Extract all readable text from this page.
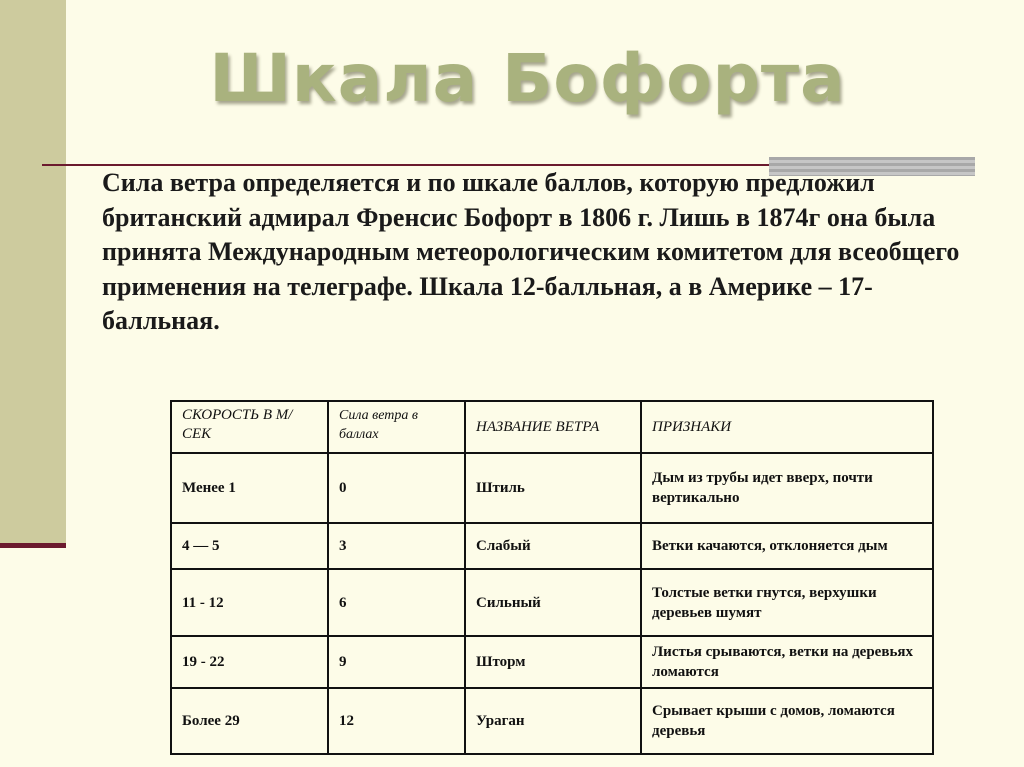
Шкала Бофорта

Сила ветра определяется и по шкале баллов, которую предложил британский адмирал Френсис Бофорт в 1806 г. Лишь в 1874г она была принята Международным метеорологическим комитетом для всеобщего применения на телеграфе. Шкала 12-балльная, а в Америке – 17-балльная.

СКОРОСТЬ В М/СЕК	Сила ветра в баллах	НАЗВАНИЕ ВЕТРА	ПРИЗНАКИ
Менее 1	0	Штиль	Дым из трубы идет вверх, почти вертикально
4 — 5	3	Слабый	Ветки качаются, отклоняется дым
11 - 12	6	Сильный	Толстые ветки гнутся, верхушки деревьев шумят
19 - 22	9	Шторм	Листья срываются, ветки на деревьях ломаются
Более 29	12	Ураган	Срывает крыши с домов, ломаются деревья
